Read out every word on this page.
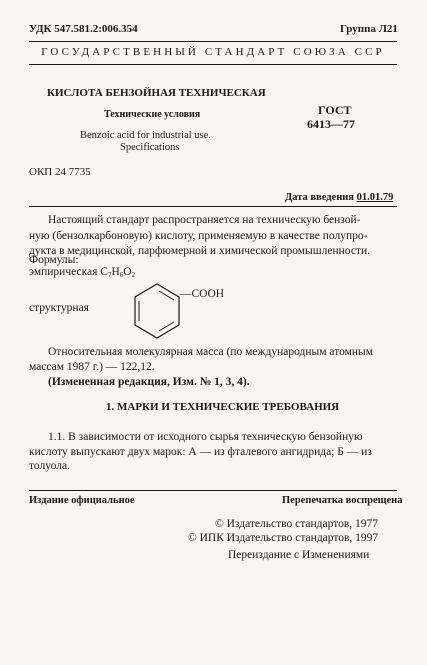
УДК 547.581.2:006.354	Группа Л21
ГОСУДАРСТВЕННЫЙ СТАНДАРТ СОЮЗА ССР
КИСЛОТА БЕНЗОЙНАЯ ТЕХНИЧЕСКАЯ
Технические условия
Benzoic acid for industrial use.
Specifications
ГОСТ
6413—77
ОКП 24 7735
Дата введения 01.01.79
Настоящий стандарт распространяется на техническую бензой-
ную (бензолкарбоновую) кислоту, применяемую в качестве полупро-
дукта в медицинской, парфюмерной и химической промышленности.
Формулы:
эмпирическая $C_7H_6O_2$
—COOH
структурная
Относительная молекулярная масса (по международным атомным
массам 1987 г.) — 122,12.
(Измененная редакция, Изм. № 1, 3, 4).
1. МАРКИ И ТЕХНИЧЕСКИЕ ТРЕБОВАНИЯ
1.1. В зависимости от исходного сырья техническую бензойную
кислоту выпускают двух марок: А — из фталевого ангидрида; Б — из
толуола.
Издание официальное	Перепечатка воспрещена
© Издательство стандартов, 1977
© ИПК Издательство стандартов, 1997
Переиздание с Изменениями
